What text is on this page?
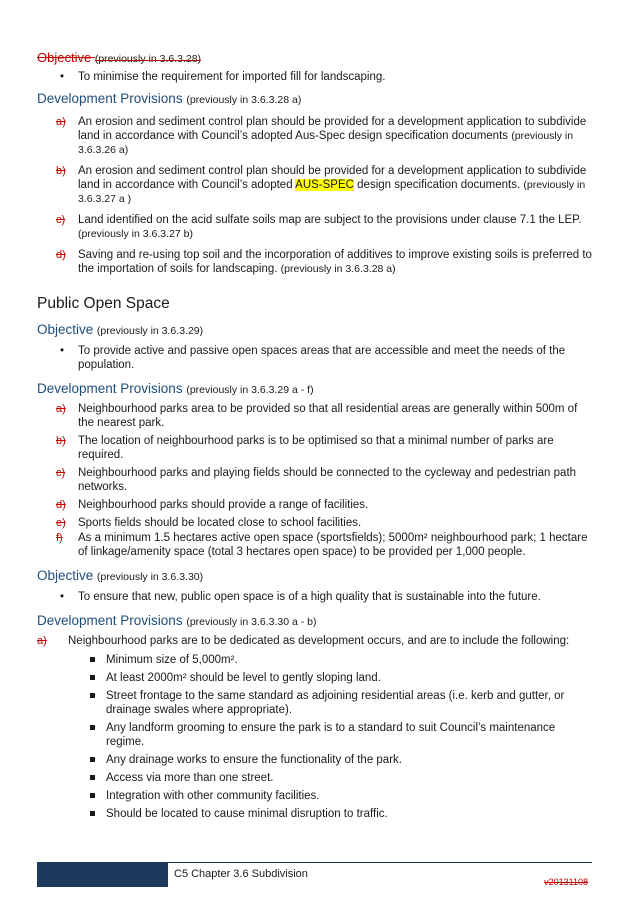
Objective (previously in 3.6.3.28)

• To minimise the requirement for imported fill for landscaping.

Development Provisions (previously in 3.6.3.28 a)

a) An erosion and sediment control plan should be provided for a development application to subdivide land in accordance with Council’s adopted Aus-Spec design specification documents (previously in 3.6.3.26 a)
b) An erosion and sediment control plan should be provided for a development application to subdivide land in accordance with Council’s adopted AUS-SPEC design specification documents. (previously in 3.6.3.27 a )
c) Land identified on the acid sulfate soils map are subject to the provisions under clause 7.1 the LEP. (previously in 3.6.3.27 b)
d) Saving and re-using top soil and the incorporation of additives to improve existing soils is preferred to the importation of soils for landscaping. (previously in 3.6.3.28 a)

Public Open Space

Objective (previously in 3.6.3.29)

• To provide active and passive open spaces areas that are accessible and meet the needs of the population.

Development Provisions (previously in 3.6.3.29 a - f)

a) Neighbourhood parks area to be provided so that all residential areas are generally within 500m of the nearest park.
b) The location of neighbourhood parks is to be optimised so that a minimal number of parks are required.
c) Neighbourhood parks and playing fields should be connected to the cycleway and pedestrian path networks.
d) Neighbourhood parks should provide a range of facilities.
e) Sports fields should be located close to school facilities.
f) As a minimum 1.5 hectares active open space (sportsfields); 5000m² neighbourhood park; 1 hectare of linkage/amenity space (total 3 hectares open space) to be provided per 1,000 people.

Objective (previously in 3.6.3.30)

• To ensure that new, public open space is of a high quality that is sustainable into the future.

Development Provisions (previously in 3.6.3.30 a - b)

a) Neighbourhood parks are to be dedicated as development occurs, and are to include the following:
Minimum size of 5,000m².
At least 2000m² should be level to gently sloping land.
Street frontage to the same standard as adjoining residential areas (i.e. kerb and gutter, or drainage swales where appropriate).
Any landform grooming to ensure the park is to a standard to suit Council’s maintenance regime.
Any drainage works to ensure the functionality of the park.
Access via more than one street.
Integration with other community facilities.
Should be located to cause minimal disruption to traffic.
C5 Chapter 3.6 Subdivision
v20131108
